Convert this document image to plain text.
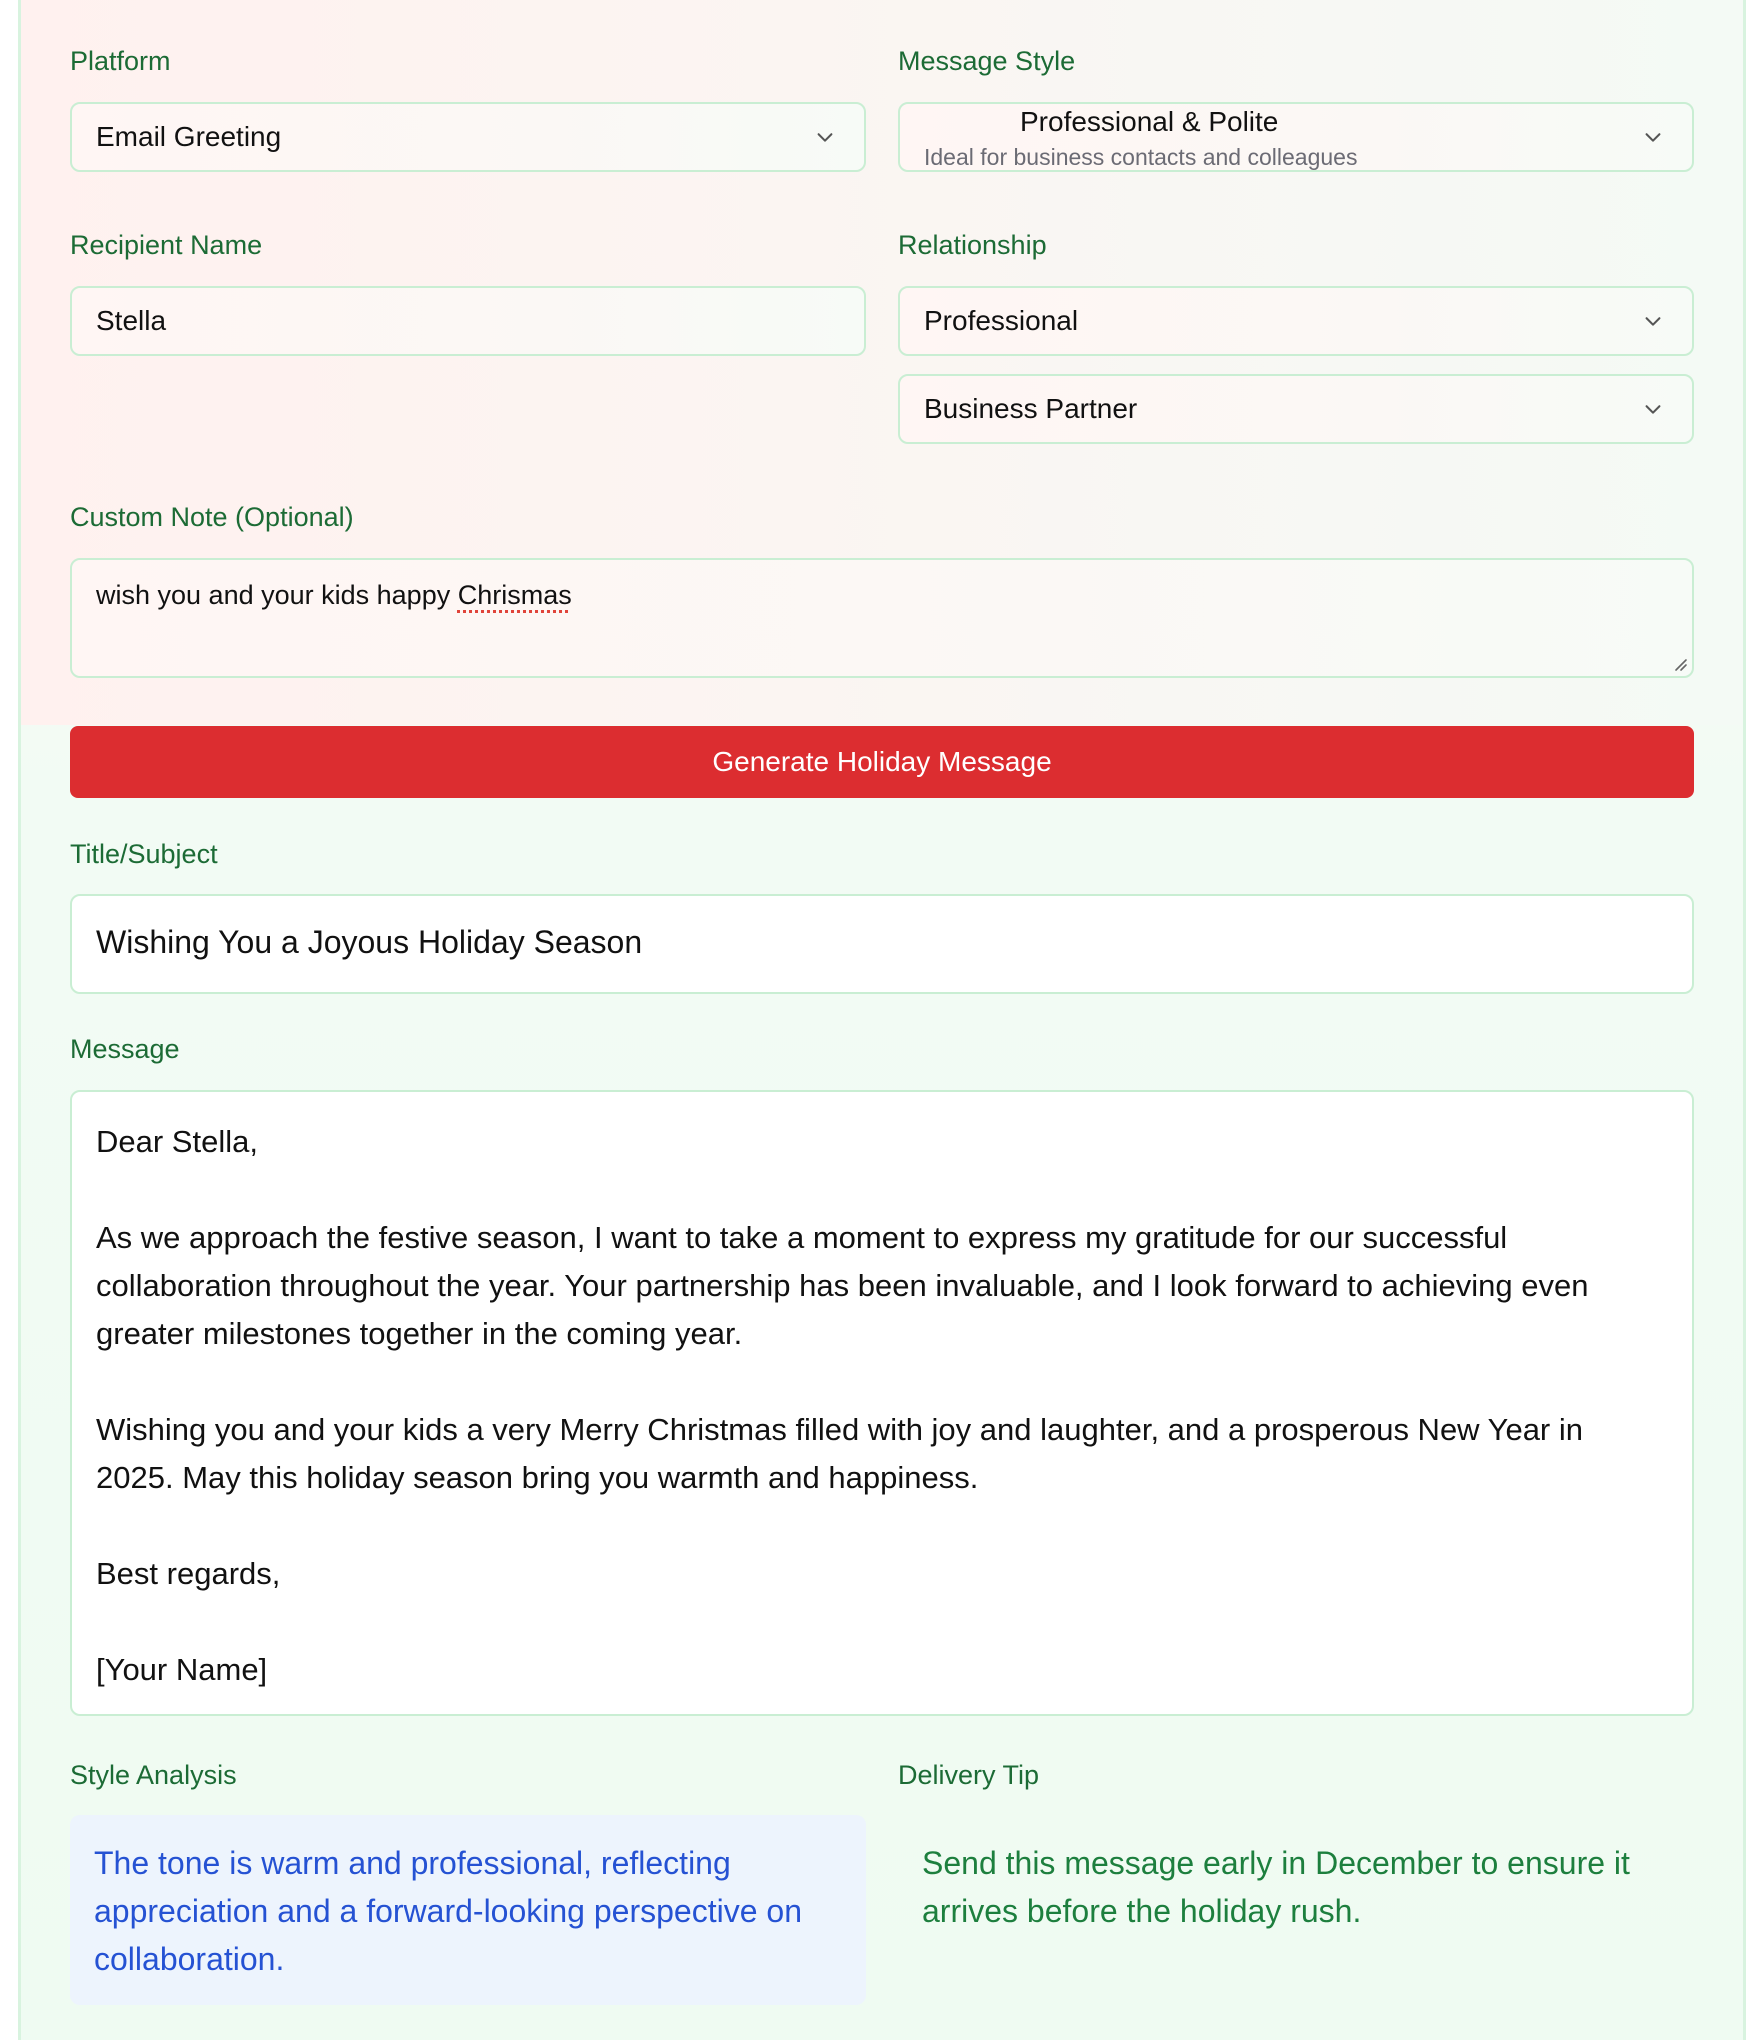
Platform
Email Greeting
Message Style
Professional & Polite
Ideal for business contacts and colleagues
Recipient Name
Stella
Relationship
Professional
Business Partner
Custom Note (Optional)
wish you and your kids happy Chrismas
Generate Holiday Message
Title/Subject
Wishing You a Joyous Holiday Season
Message

Dear Stella,

As we approach the festive season, I want to take a moment to express my gratitude for our successful collaboration throughout the year. Your partnership has been invaluable, and I look forward to achieving even greater milestones together in the coming year.

Wishing you and your kids a very Merry Christmas filled with joy and laughter, and a prosperous New Year in 2025. May this holiday season bring you warmth and happiness.

Best regards,

[Your Name]

Style Analysis
The tone is warm and professional, reflecting appreciation and a forward-looking perspective on collaboration.
Delivery Tip
Send this message early in December to ensure it arrives before the holiday rush.
